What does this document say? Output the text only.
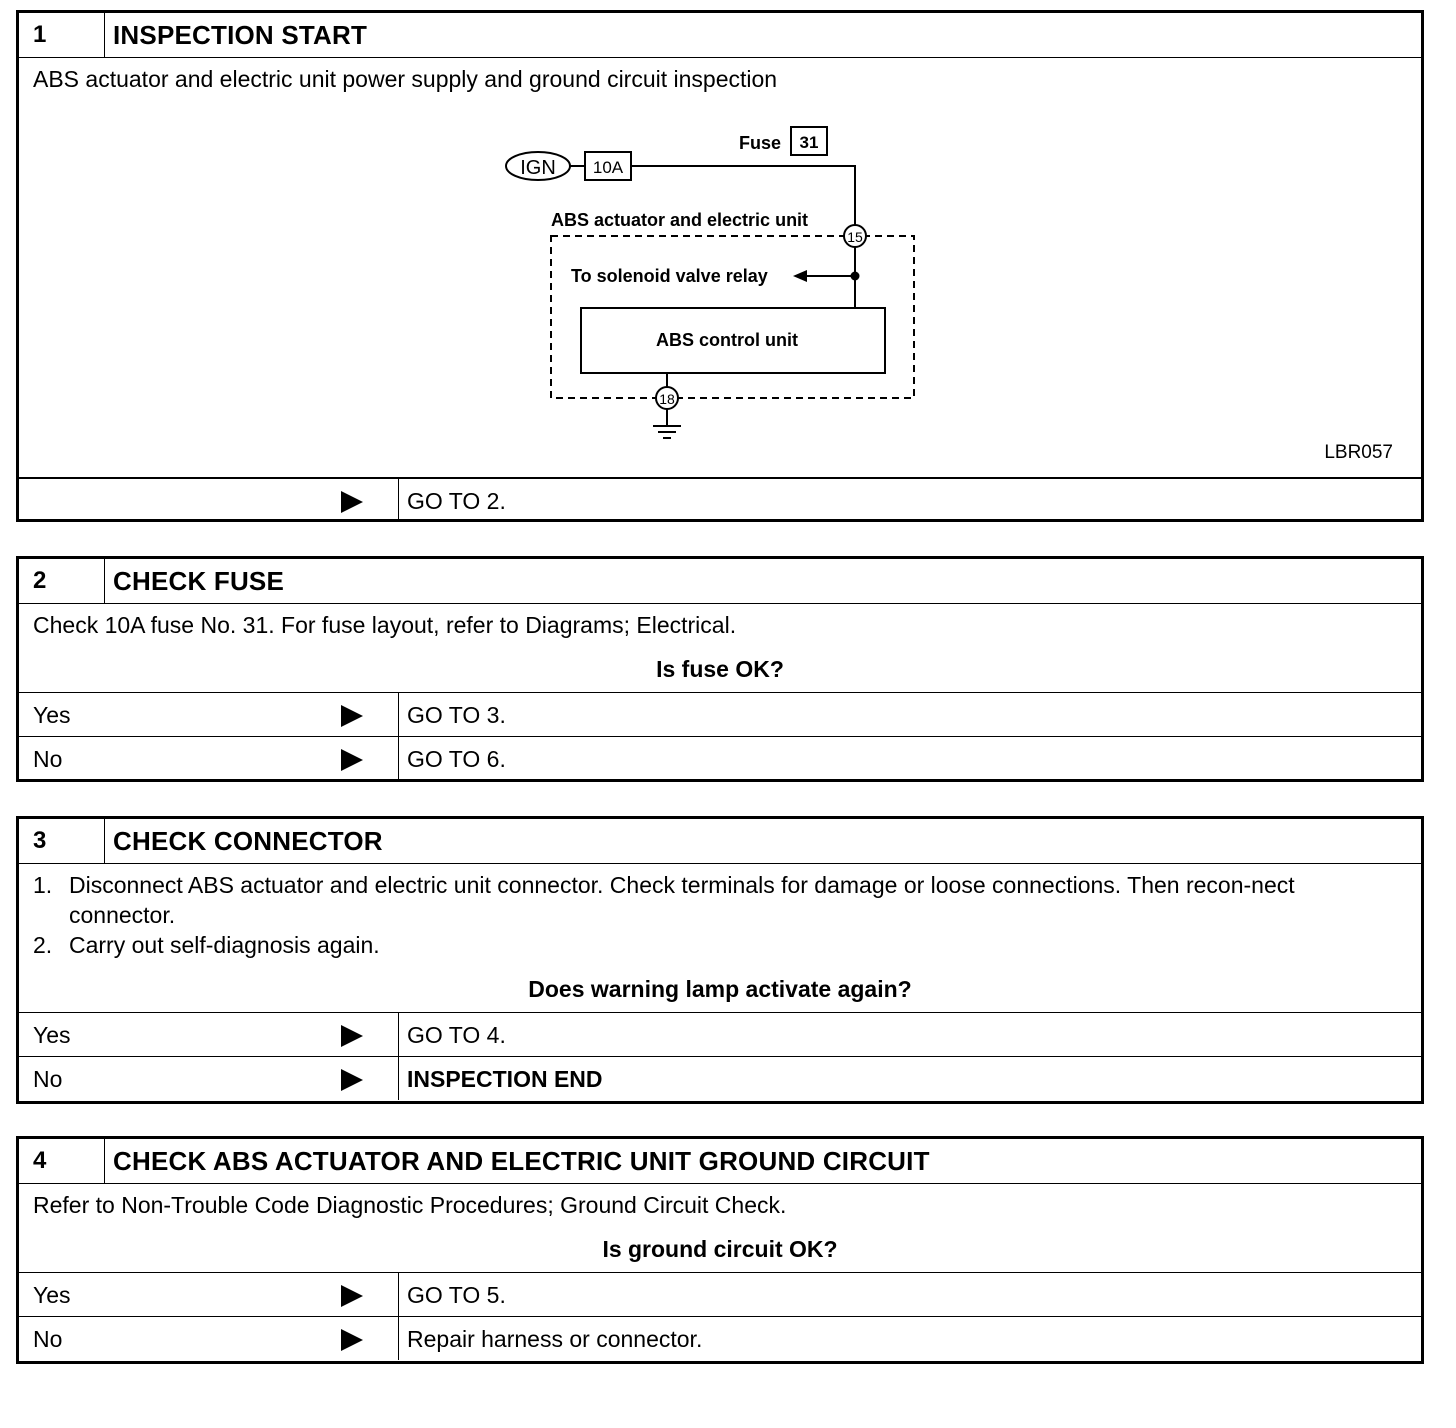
1	INSPECTION START
ABS actuator and electric unit power supply and ground circuit inspection
IGN 10A
Fuse 31
ABS actuator and electric unit
15
To solenoid valve relay
ABS control unit
18
LBR057
GO TO 2.
2	CHECK FUSE
Check 10A fuse No. 31. For fuse layout, refer to Diagrams; Electrical.
Is fuse OK?
Yes	GO TO 3.
No	GO TO 6.
3	CHECK CONNECTOR
1. Disconnect ABS actuator and electric unit connector. Check terminals for damage or loose connections. Then recon-nect connector.
2. Carry out self-diagnosis again.
Does warning lamp activate again?
Yes	GO TO 4.
No	INSPECTION END
4	CHECK ABS ACTUATOR AND ELECTRIC UNIT GROUND CIRCUIT
Refer to Non-Trouble Code Diagnostic Procedures; Ground Circuit Check.
Is ground circuit OK?
Yes	GO TO 5.
No	Repair harness or connector.
